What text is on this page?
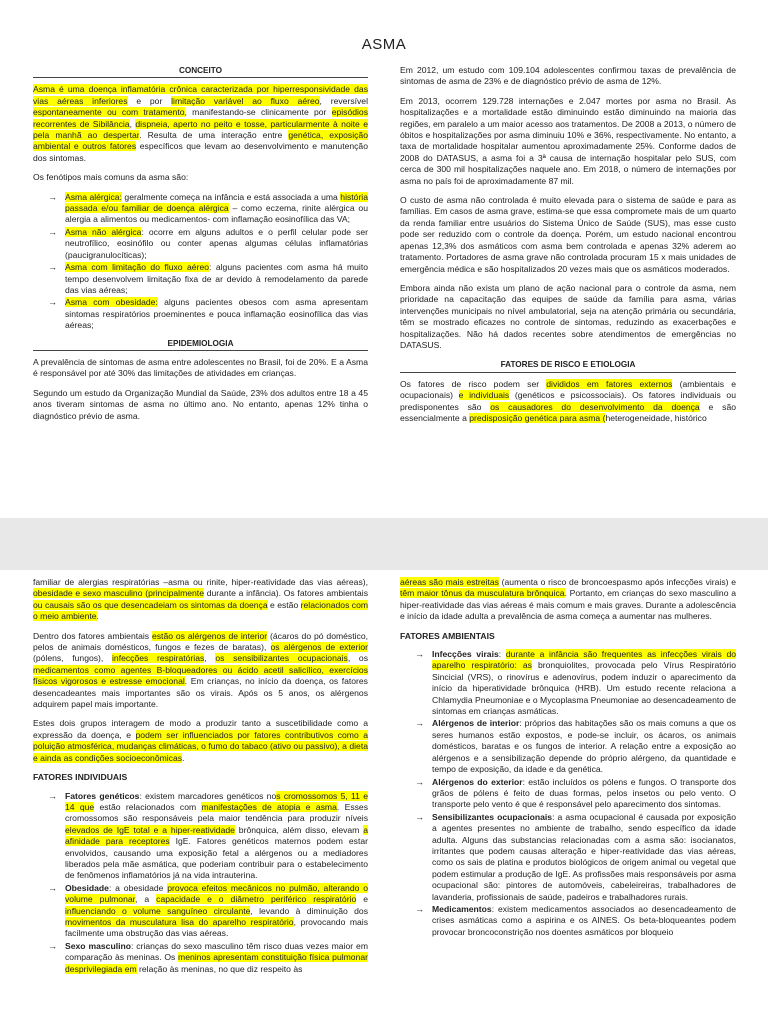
ASMA
CONCEITO

Asma é uma doença inflamatória crônica caracterizada por hiperresponsividade das vias aéreas inferiores e por limitação variável ao fluxo aéreo, reversível espontaneamente ou com tratamento, manifestando-se clinicamente por episódios recorrentes de Sibilância, dispneia, aperto no peito e tosse, particularmente à noite e pela manhã ao despertar. Resulta de uma interação entre genética, exposição ambiental e outros fatores específicos que levam ao desenvolvimento e manutenção dos sintomas.

Os fenótipos mais comuns da asma são:

→ Asma alérgica: geralmente começa na infância e está associada a uma história passada e/ou familiar de doença alérgica – como eczema, rinite alérgica ou alergia a alimentos ou medicamentos- com inflamação eosinofílica das VA;
→ Asma não alérgica: ocorre em alguns adultos e o perfil celular pode ser neutrofílico, eosinófilo ou conter apenas algumas células inflamatórias (paucigranulocíticas);
→ Asma com limitação do fluxo aéreo: alguns pacientes com asma há muito tempo desenvolvem limitação fixa de ar devido à remodelamento da parede das vias aéreas;
→ Asma com obesidade: alguns pacientes obesos com asma apresentam sintomas respiratórios proeminentes e pouca inflamação eosinofílica das vias aéreas;
EPIDEMIOLOGIA

A prevalência de sintomas de asma entre adolescentes no Brasil, foi de 20%. E a Asma é responsável por até 30% das limitações de atividades em crianças.

Segundo um estudo da Organização Mundial da Saúde, 23% dos adultos entre 18 a 45 anos tiveram sintomas de asma no último ano. No entanto, apenas 12% tinha o diagnóstico prévio de asma.

Em 2012, um estudo com 109.104 adolescentes confirmou taxas de prevalência de sintomas de asma de 23% e de diagnóstico prévio de asma de 12%.

Em 2013, ocorrem 129.728 internações e 2.047 mortes por asma no Brasil. As hospitalizações e a mortalidade estão diminuindo estão diminuindo na maioria das regiões, em paralelo a um maior acesso aos tratamentos. De 2008 a 2013, o número de óbitos e hospitalizações por asma diminuiu 10% e 36%, respectivamente. No entanto, a taxa de mortalidade hospitalar aumentou aproximadamente 25%. Conforme dados de 2008 do DATASUS, a asma foi a 3ª causa de internação hospitalar pelo SUS, com cerca de 300 mil hospitalizações naquele ano. Em 2018, o número de internações por asma no país foi de aproximadamente 87 mil.

O custo de asma não controlada é muito elevada para o sistema de saúde e para as famílias. Em casos de asma grave, estima-se que essa compromete mais de um quarto da renda familiar entre usuários do Sistema Único de Saúde (SUS), mas esse custo pode ser reduzido com o controle da doença. Porém, um estudo nacional encontrou apenas 12,3% dos asmáticos com asma bem controlada e apenas 32% aderem ao tratamento. Portadores de asma grave não controlada procuram 15 x mais unidades de emergência médica e são hospitalizados 20 vezes mais que os asmáticos moderados.

Embora ainda não exista um plano de ação nacional para o controle da asma, nem prioridade na capacitação das equipes de saúde da família para asma, várias intervenções municipais no nível ambulatorial, seja na atenção primária ou secundária, têm se mostrado eficazes no controle de sintomas, reduzindo as exacerbações e hospitalizações. Não há dados recentes sobre atendimentos de emergências no DATASUS.

FATORES DE RISCO E ETIOLOGIA

Os fatores de risco podem ser divididos em fatores externos (ambientais e ocupacionais) e individuais (genéticos e psicossociais). Os fatores individuais ou predisponentes são os causadores do desenvolvimento da doença e são essencialmente a predisposição genética para asma (heterogeneidade, histórico

familiar de alergias respiratórias –asma ou rinite, hiper-reatividade das vias aéreas), obesidade e sexo masculino (principalmente durante a infância). Os fatores ambientais ou causais são os que desencadeiam os sintomas da doença e estão relacionados com o meio ambiente.

Dentro dos fatores ambientais estão os alérgenos de interior (ácaros do pó doméstico, pelos de animais domésticos, fungos e fezes de baratas), os alérgenos de exterior (pólens, fungos), infecções respiratórias, os sensibilizantes ocupacionais, os medicamentos como agentes B-bloqueadores ou ácido acetil salicílico, exercícios físicos vigorosos e estresse emocional. Em crianças, no início da doença, os fatores desencadeantes mais importantes são os virais. Após os 5 anos, os alérgenos adquirem papel mais importante.

Estes dois grupos interagem de modo a produzir tanto a suscetibilidade como a expressão da doença, e podem ser influenciados por fatores contributivos como a poluição atmosférica, mudanças climáticas, o fumo do tabaco (ativo ou passivo), a dieta e ainda as condições socioeconômicas.

FATORES INDIVIDUAIS
→ Fatores genéticos: existem marcadores genéticos nos cromossomos 5, 11 e 14 que estão relacionados com manifestações de atopia e asma. Esses cromossomos são responsáveis pela maior tendência para produzir níveis elevados de IgE total e a hiper-reatividade brônquica, além disso, elevam a afinidade para receptores IgE. Fatores genéticos maternos podem estar envolvidos, causando uma exposição fetal a alérgenos ou a mediadores liberados pela mãe asmática, que poderiam contribuir para o estabelecimento de fenômenos inflamatórios já na vida intrauterina.
→ Obesidade: a obesidade provoca efeitos mecânicos no pulmão, alterando o volume pulmonar, a capacidade e o diâmetro periférico respiratório e influenciando o volume sanguíneo circulante, levando à diminuição dos movimentos da musculatura lisa do aparelho respiratório, provocando mais facilmente uma obstrução das vias aéreas.
→ Sexo masculino: crianças do sexo masculino têm risco duas vezes maior em comparação às meninas. Os meninos apresentam constituição física pulmonar desprivilegiada em relação às meninas, no que diz respeito às

aéreas são mais estreitas (aumenta o risco de broncoespasmo após infecções virais) e têm maior tônus da musculatura brônquica. Portanto, em crianças do sexo masculino a hiper-reatividade das vias aéreas é mais comum e mais graves. Durante a adolescência e início da idade adulta a prevalência de asma começa a aumentar nas mulheres.

FATORES AMBIENTAIS
→ Infecções virais: durante a infância são frequentes as infecções virais do aparelho respiratório: as bronquiolites, provocada pelo Vírus Respiratório Sincicial (VRS), o rinovírus e adenovírus, podem induzir o aparecimento da início da hiperatividade brônquica (HRB). Um estudo recente relaciona a Chlamydia Pneumoniae e o Mycoplasma Pneumoniae ao desencadeamento de sintomas em crianças asmáticas.
→ Alérgenos de interior: próprios das habitações são os mais comuns a que os seres humanos estão expostos, e pode-se incluir, os ácaros, os animais domésticos, baratas e os fungos de interior. A relação entre a exposição ao alérgenos e a sensibilização depende do próprio alérgeno, da quantidade e tempo de exposição, da idade e da genética.
→ Alérgenos do exterior: estão incluídos os pólens e fungos. O transporte dos grãos de pólens é feito de duas formas, pelos insetos ou pelo vento. O transporte pelo vento é que é responsável pelo aparecimento dos sintomas.
→ Sensibilizantes ocupacionais: a asma ocupacional é causada por exposição a agentes presentes no ambiente de trabalho, sendo específico da idade adulta. Alguns das substancias relacionadas com a asma são: isocianatos, irritantes que podem causas alteração e hiper-reatividade das vias aéreas, como os sais de platina e produtos biológicos de origem animal ou vegetal que podem estimular a produção de IgE. As profissões mais responsáveis por asma ocupacional são: pintores de automóveis, cabeleireiras, trabalhadores de lavanderia, profissionais de saúde, padeiros e trabalhadores rurais.
→ Medicamentos: existem medicamentos associados ao desencadeamento de crises asmáticas como a aspirina e os AINES. Os beta-bloqueantes podem provocar broncoconstrição nos doentes asmáticos por bloqueio
